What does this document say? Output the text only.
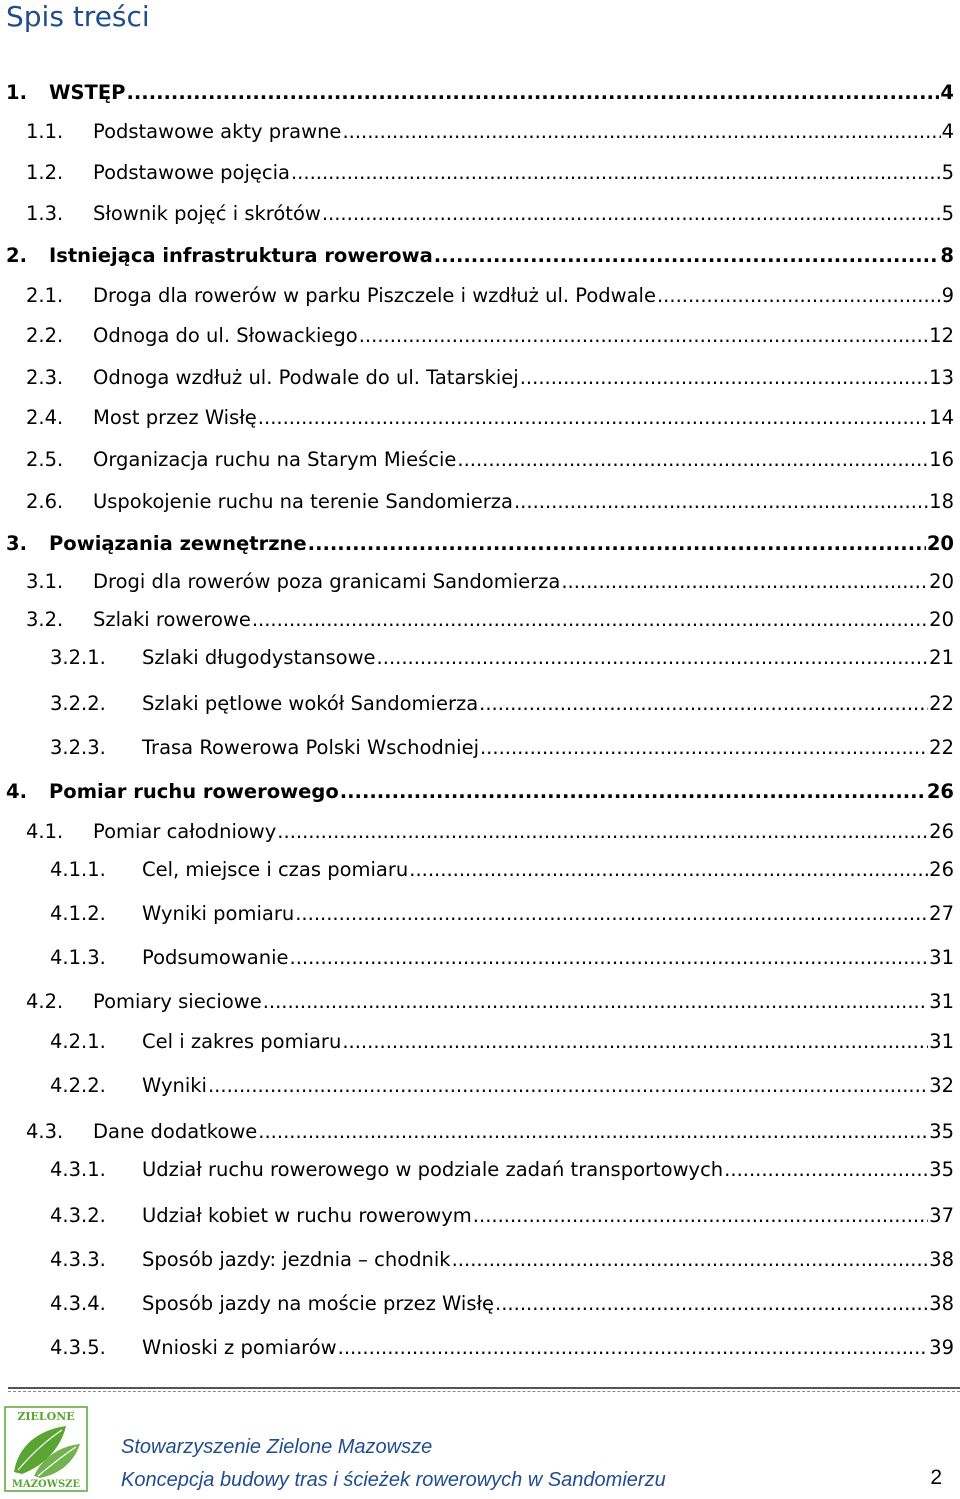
Spis treści
1.	WSTĘP .....	4
1.1.	Podstawowe akty prawne .....	4
1.2.	Podstawowe pojęcia .....	5
1.3.	Słownik pojęć i skrótów .....	5
2.	Istniejąca infrastruktura rowerowa .....	8
2.1.	Droga dla rowerów w parku Piszczele i wzdłuż ul. Podwale .....	9
2.2.	Odnoga do ul. Słowackiego .....	12
2.3.	Odnoga wzdłuż ul. Podwale do ul. Tatarskiej .....	13
2.4.	Most przez Wisłę .....	14
2.5.	Organizacja ruchu na Starym Mieście .....	16
2.6.	Uspokojenie ruchu na terenie Sandomierza .....	18
3.	Powiązania zewnętrzne .....	20
3.1.	Drogi dla rowerów poza granicami Sandomierza .....	20
3.2.	Szlaki rowerowe .....	20
3.2.1.	Szlaki długodystansowe .....	21
3.2.2.	Szlaki pętlowe wokół Sandomierza .....	22
3.2.3.	Trasa Rowerowa Polski Wschodniej .....	22
4.	Pomiar ruchu rowerowego .....	26
4.1.	Pomiar całodniowy .....	26
4.1.1.	Cel, miejsce i czas pomiaru .....	26
4.1.2.	Wyniki pomiaru .....	27
4.1.3.	Podsumowanie .....	31
4.2.	Pomiary sieciowe .....	31
4.2.1.	Cel i zakres pomiaru .....	31
4.2.2.	Wyniki .....	32
4.3.	Dane dodatkowe .....	35
4.3.1.	Udział ruchu rowerowego w podziale zadań transportowych .....	35
4.3.2.	Udział kobiet w ruchu rowerowym .....	37
4.3.3.	Sposób jazdy: jezdnia – chodnik .....	38
4.3.4.	Sposób jazdy na moście przez Wisłę .....	38
4.3.5.	Wnioski z pomiarów .....	39
ZIELONE
MAZOWSZE
Stowarzyszenie Zielone Mazowsze
Koncepcja budowy tras i ścieżek rowerowych w Sandomierzu	2
